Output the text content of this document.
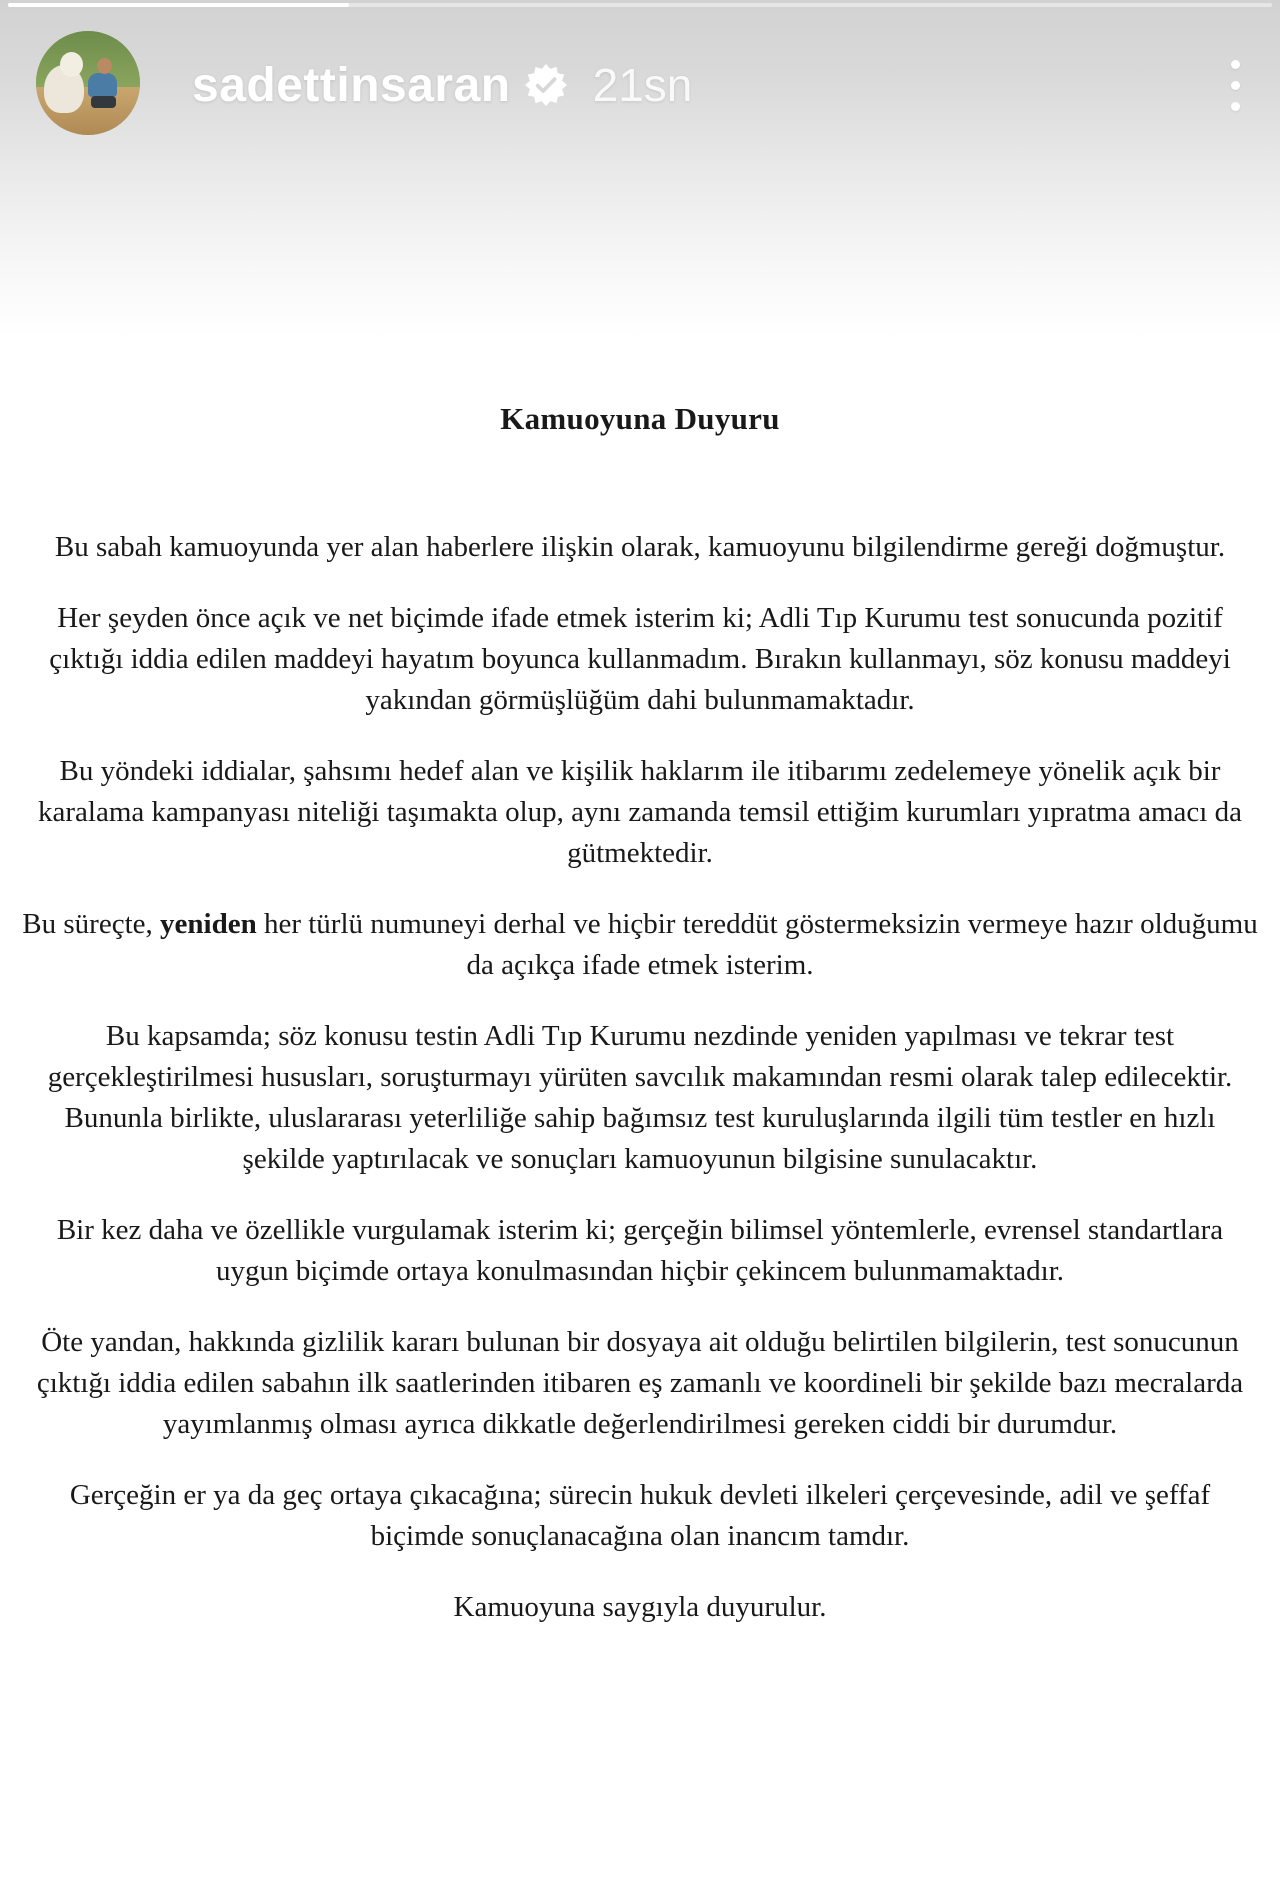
Kamuoyuna Duyuru

Bu sabah kamuoyunda yer alan haberlere ilişkin olarak, kamuoyunu bilgilendirme gereği doğmuştur.

Her şeyden önce açık ve net biçimde ifade etmek isterim ki; Adli Tıp Kurumu test sonucunda pozitif çıktığı iddia edilen maddeyi hayatım boyunca kullanmadım. Bırakın kullanmayı, söz konusu maddeyi yakından görmüşlüğüm dahi bulunmamaktadır.

Bu yöndeki iddialar, şahsımı hedef alan ve kişilik haklarım ile itibarımı zedelemeye yönelik açık bir karalama kampanyası niteliği taşımakta olup, aynı zamanda temsil ettiğim kurumları yıpratma amacı da gütmektedir.

Bu süreçte, yeniden her türlü numuneyi derhal ve hiçbir tereddüt göstermeksizin vermeye hazır olduğumu da açıkça ifade etmek isterim.

Bu kapsamda; söz konusu testin Adli Tıp Kurumu nezdinde yeniden yapılması ve tekrar test gerçekleştirilmesi hususları, soruşturmayı yürüten savcılık makamından resmi olarak talep edilecektir.

Bununla birlikte, uluslararası yeterliliğe sahip bağımsız test kuruluşlarında ilgili tüm testler en hızlı şekilde yaptırılacak ve sonuçları kamuoyunun bilgisine sunulacaktır.

Bir kez daha ve özellikle vurgulamak isterim ki; gerçeğin bilimsel yöntemlerle, evrensel standartlara uygun biçimde ortaya konulmasından hiçbir çekincem bulunmamaktadır.

Öte yandan, hakkında gizlilik kararı bulunan bir dosyaya ait olduğu belirtilen bilgilerin, test sonucunun çıktığı iddia edilen sabahın ilk saatlerinden itibaren eş zamanlı ve koordineli bir şekilde bazı mecralarda yayımlanmış olması ayrıca dikkatle değerlendirilmesi gereken ciddi bir durumdur.

Gerçeğin er ya da geç ortaya çıkacağına; sürecin hukuk devleti ilkeleri çerçevesinde, adil ve şeffaf biçimde sonuçlanacağına olan inancım tamdır.

Kamuoyuna saygıyla duyurulur.

sadettinsaran 21sn
